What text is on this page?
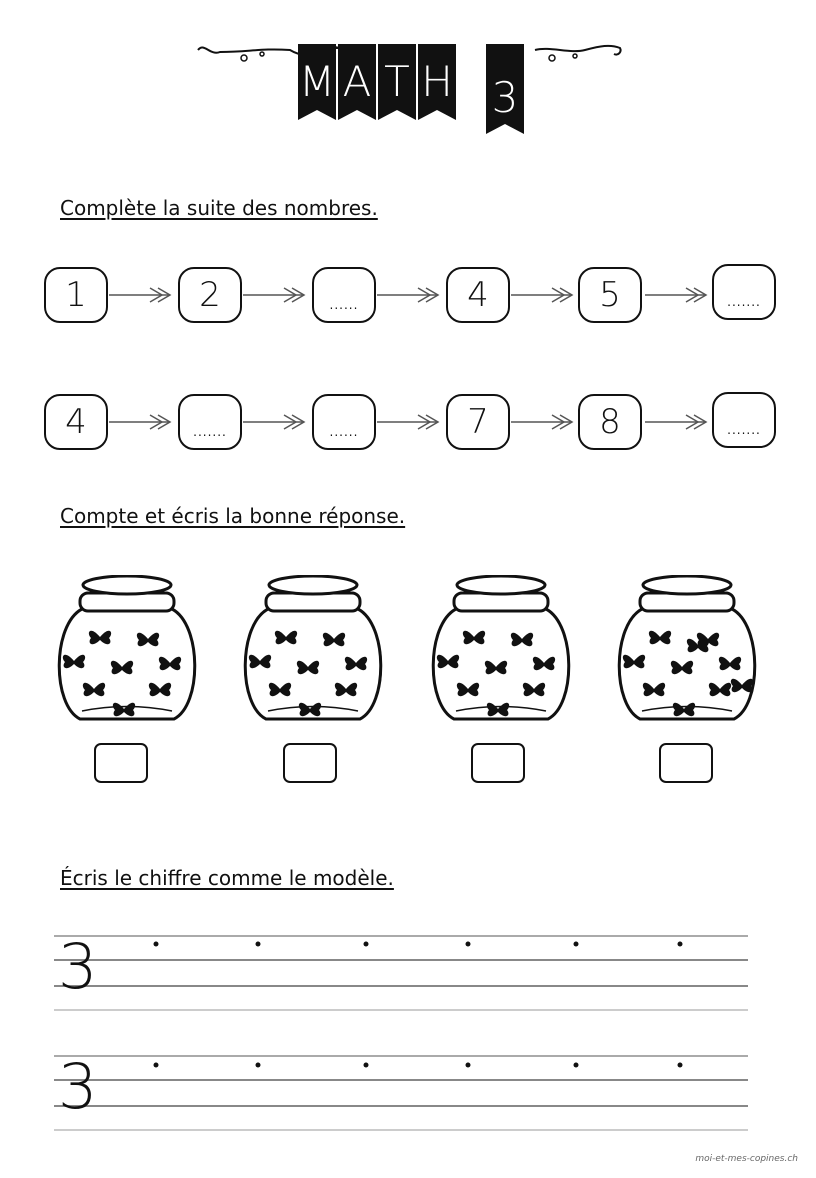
M A T H 3
Complète la suite des nombres.
1	2	......	4	5	.......
4	.......	......	7	8	.......
Compte et écris la bonne réponse.
Écris le chiffre comme le modèle.
3
3
moi-et-mes-copines.ch
